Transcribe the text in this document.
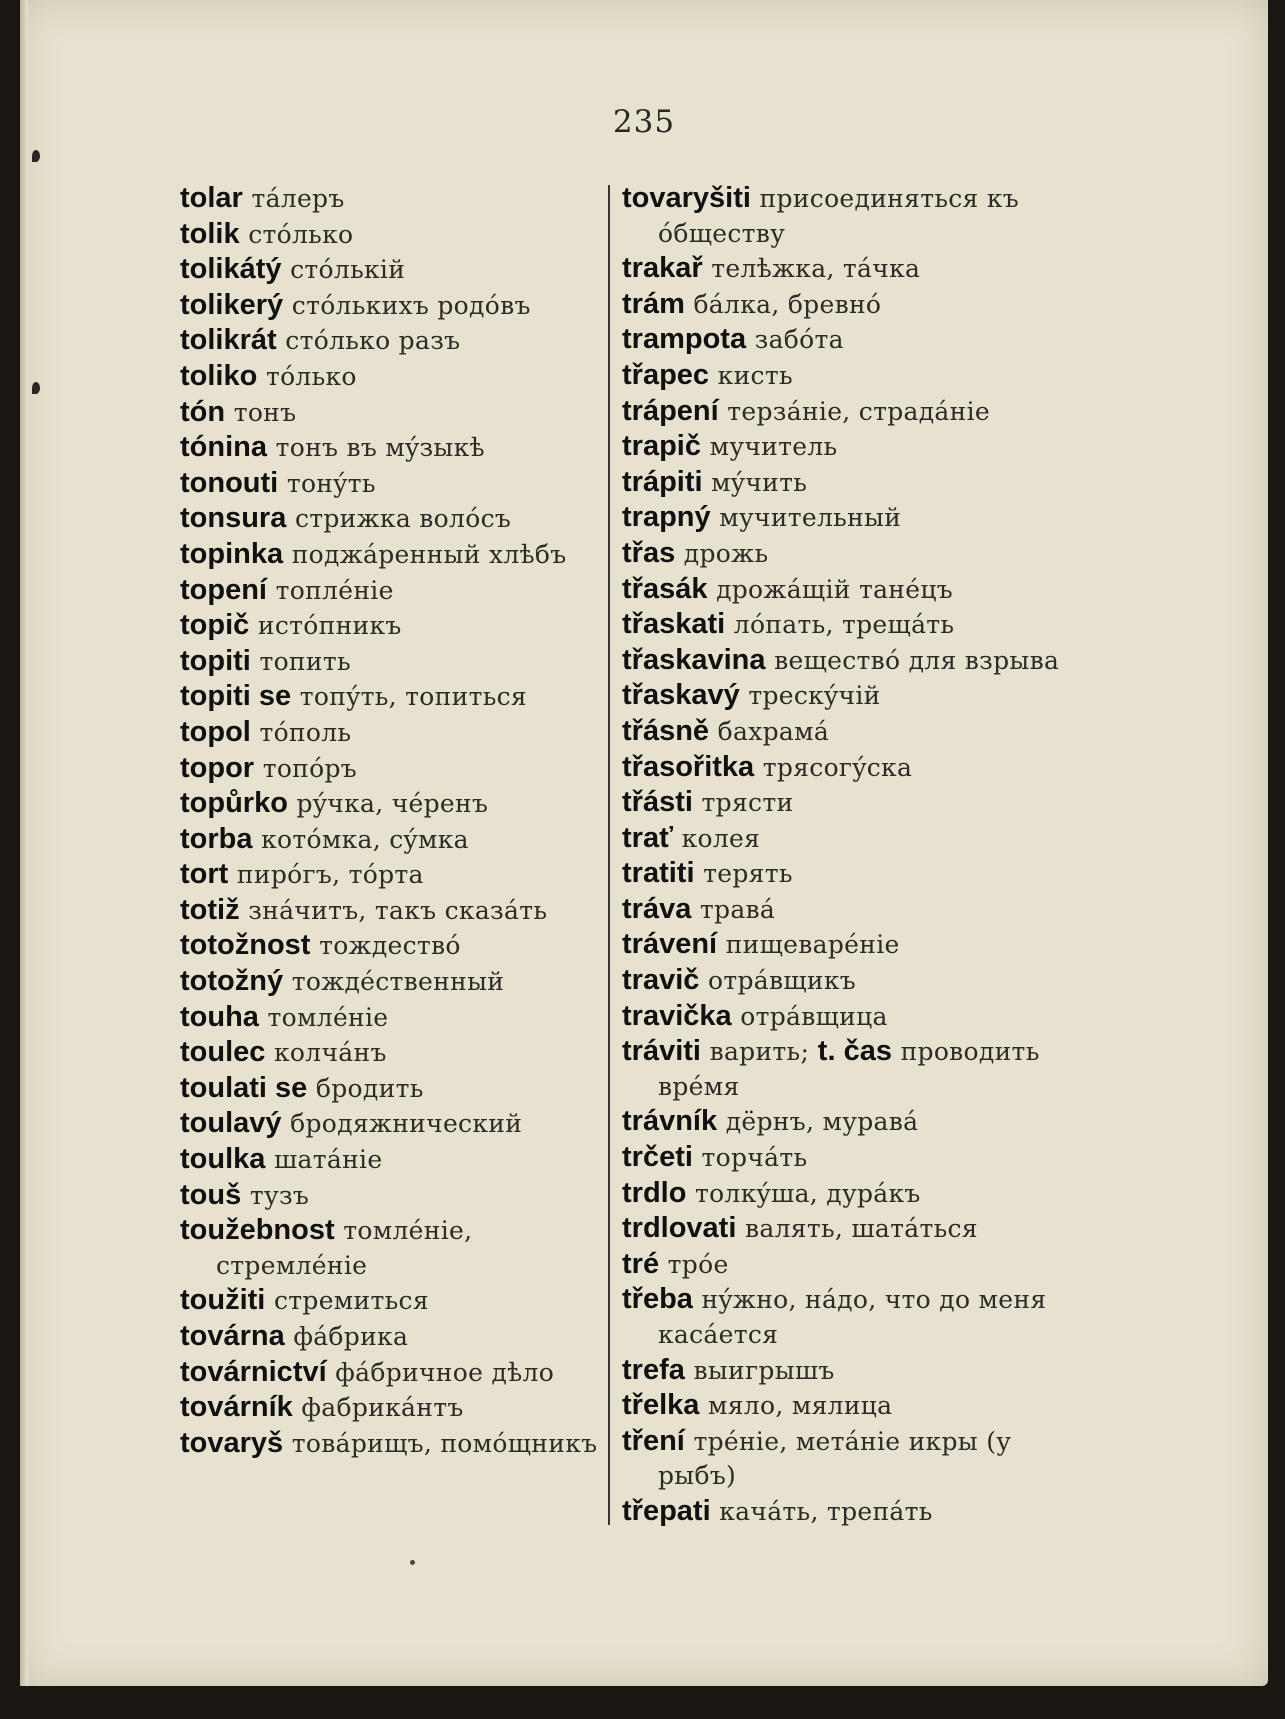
235
tolar тáлеръ
tolik стóлько
tolikátý стóлькій
tolikerý стóлькихъ родóвъ
tolikrát стóлько разъ
toliko тóлько
tón тонъ
tónina тонъ въ мýзыкѣ
tonouti тонýть
tonsura стрижка волóсъ
topinka поджáренный хлѣбъ
topení топлéніе
topič истóпникъ
topiti топить
topiti se топýть, топиться
topol тóполь
topor топóръ
topůrko рýчка, чéренъ
torba котóмка, сýмка
tort пирóгъ, тóрта
totiž знáчитъ, такъ сказáть
totožnost тождествó
totožný тождéственный
touha томлéніе
toulec колчáнъ
toulati se бродить
toulavý бродяжнический
toulka шатáніе
touš тузъ
toužebnost томлéніе, стремлéніе
toužiti стремиться
továrna фáбрика
továrnictví фáбричное дѣло
továrník фабрикáнтъ
tovaryš товáрищъ, помóщникъ
tovaryšiti присоединяться къ óбществу
trakař телѣжка, тáчка
trám бáлка, бревнó
trampota забóта
třapec кисть
trápení терзáніе, страдáніе
trapič мучитель
trápiti мýчить
trapný мучительный
třas дрожь
třasák дрожáщій танéцъ
třaskati лóпать, трещáть
třaskavina веществó для взрыва
třaskavý трескýчій
třásně бахрамá
třasořitka трясогýска
třásti трясти
trať колея
tratiti терять
tráva травá
trávení пищеварéніе
travič отрáвщикъ
travička отрáвщица
tráviti варить; t. čas проводить врéмя
trávník дёрнъ, муравá
trčeti торчáть
trdlo толкýша, дурáкъ
trdlovati валять, шатáться
tré трóе
třeba нýжно, нáдо, что до меня касáется
trefa выигрышъ
třelka мяло, мялица
tření трéніе, метáніе икры (у рыбъ)
třepati качáть, трепáть
